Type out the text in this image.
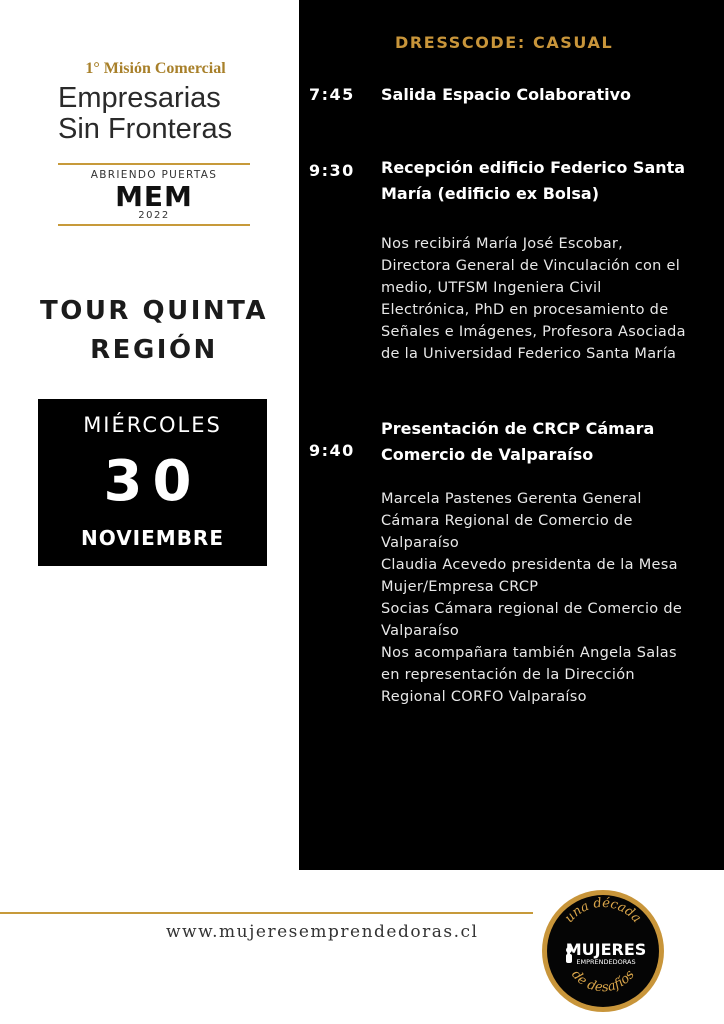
1° Misión Comercial
Empresarias
Sin Fronteras
ABRIENDO PUERTAS
MEM
2022
TOUR QUINTA
REGIÓN
MIÉRCOLES
30
NOVIEMBRE
DRESSCODE: CASUAL
7:45 Salida Espacio Colaborativo
9:30 Recepción edificio Federico Santa
María (edificio ex Bolsa)
Nos recibirá María José Escobar,
Directora General de Vinculación con el
medio, UTFSM Ingeniera Civil
Electrónica, PhD en procesamiento de
Señales e Imágenes, Profesora Asociada
de la Universidad Federico Santa María
9:40
Presentación de CRCP Cámara
Comercio de Valparaíso
Marcela Pastenes Gerenta General
Cámara Regional de Comercio de
Valparaíso
Claudia Acevedo presidenta de la Mesa
Mujer/Empresa CRCP
Socias Cámara regional de Comercio de
Valparaíso
Nos acompañara también Angela Salas
en representación de la Dirección
Regional CORFO Valparaíso
www.mujeresemprendedoras.cl
una década
MUJERES
EMPRENDEDORAS
de desafíos
